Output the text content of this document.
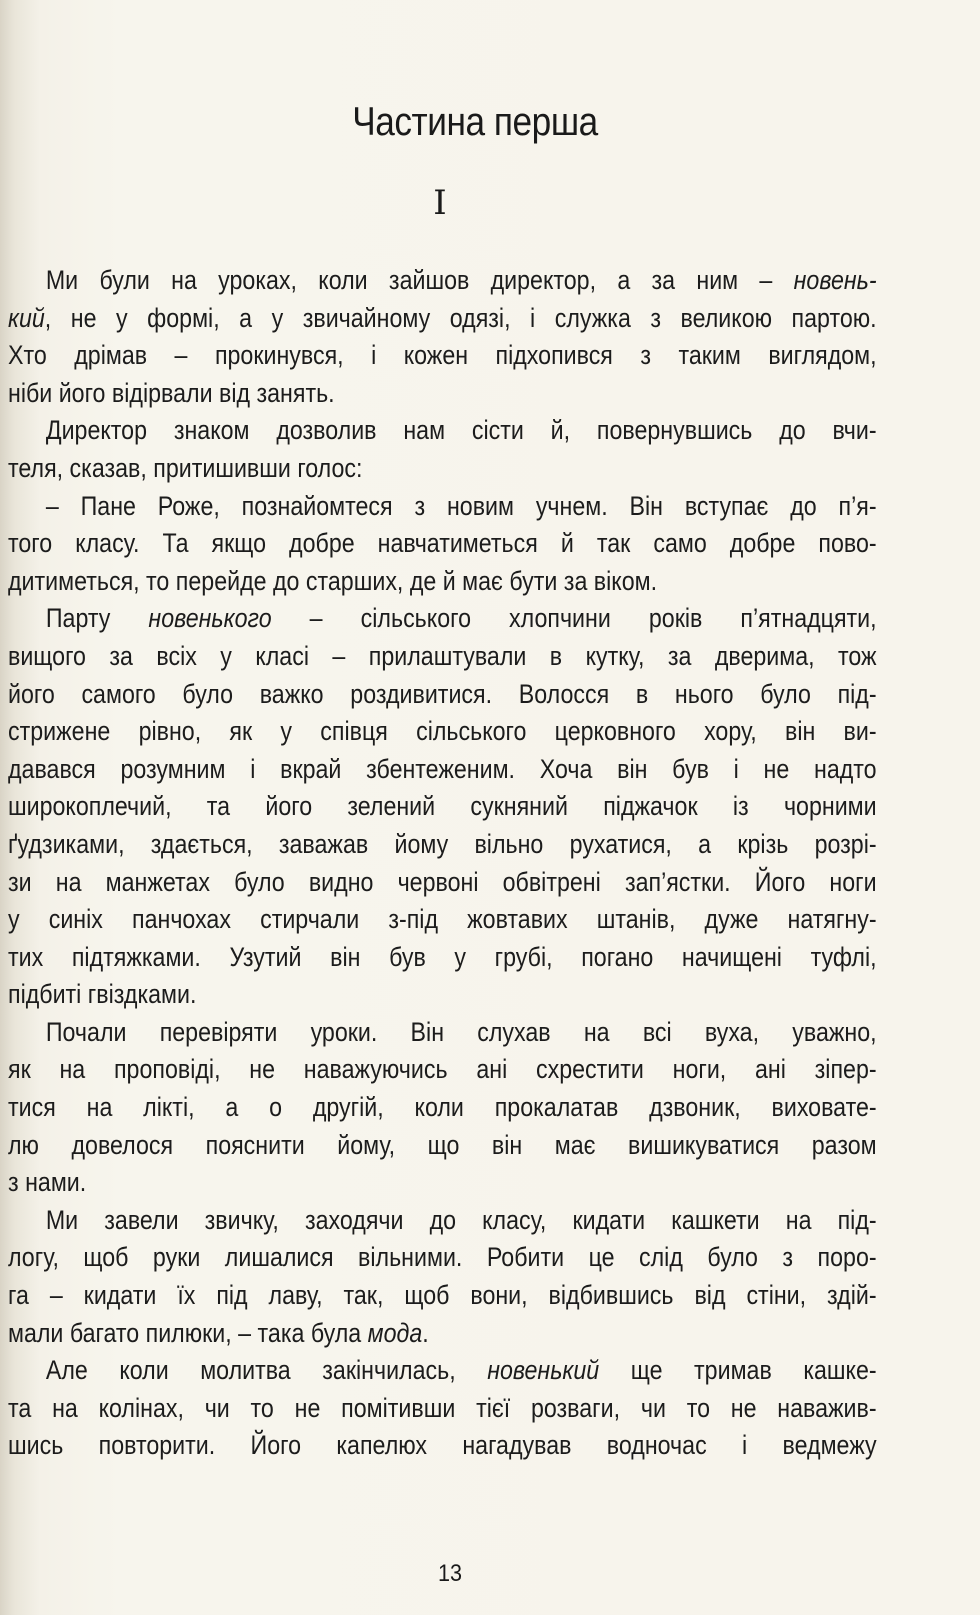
Частина перша
I
Ми були на уроках, коли зайшов директор, а за ним – новень-
кий, не у формі, а у звичайному одязі, і служка з великою партою.
Хто дрімав – прокинувся, і кожен підхопився з таким виглядом,
ніби його відірвали від занять.
Директор знаком дозволив нам сісти й, повернувшись до вчи-
теля, сказав, притишивши голос:
– Пане Роже, познайомтеся з новим учнем. Він вступає до п’я-
того класу. Та якщо добре навчатиметься й так само добре пово-
дитиметься, то перейде до старших, де й має бути за віком.
Парту новенького – сільського хлопчини років п’ятнадцяти,
вищого за всіх у класі – прилаштували в кутку, за дверима, тож
його самого було важко роздивитися. Волосся в нього було під-
стрижене рівно, як у співця сільського церковного хору, він ви-
давався розумним і вкрай збентеженим. Хоча він був і не надто
широкоплечий, та його зелений сукняний піджачок із чорними
ґудзиками, здається, заважав йому вільно рухатися, а крізь розрі-
зи на манжетах було видно червоні обвітрені зап’ястки. Його ноги
у синіх панчохах стирчали з-під жовтавих штанів, дуже натягну-
тих підтяжками. Узутий він був у грубі, погано начищені туфлі,
підбиті гвіздками.
Почали перевіряти уроки. Він слухав на всі вуха, уважно,
як на проповіді, не наважуючись ані схрестити ноги, ані зіпер-
тися на лікті, а о другій, коли прокалатав дзвоник, виховате-
лю довелося пояснити йому, що він має вишикуватися разом
з нами.
Ми завели звичку, заходячи до класу, кидати кашкети на під-
логу, щоб руки лишалися вільними. Робити це слід було з поро-
га – кидати їх під лаву, так, щоб вони, відбившись від стіни, здій-
мали багато пилюки, – така була мода.
Але коли молитва закінчилась, новенький ще тримав кашке-
та на колінах, чи то не помітивши тієї розваги, чи то не наважив-
шись повторити. Його капелюх нагадував водночас і ведмежу
13
